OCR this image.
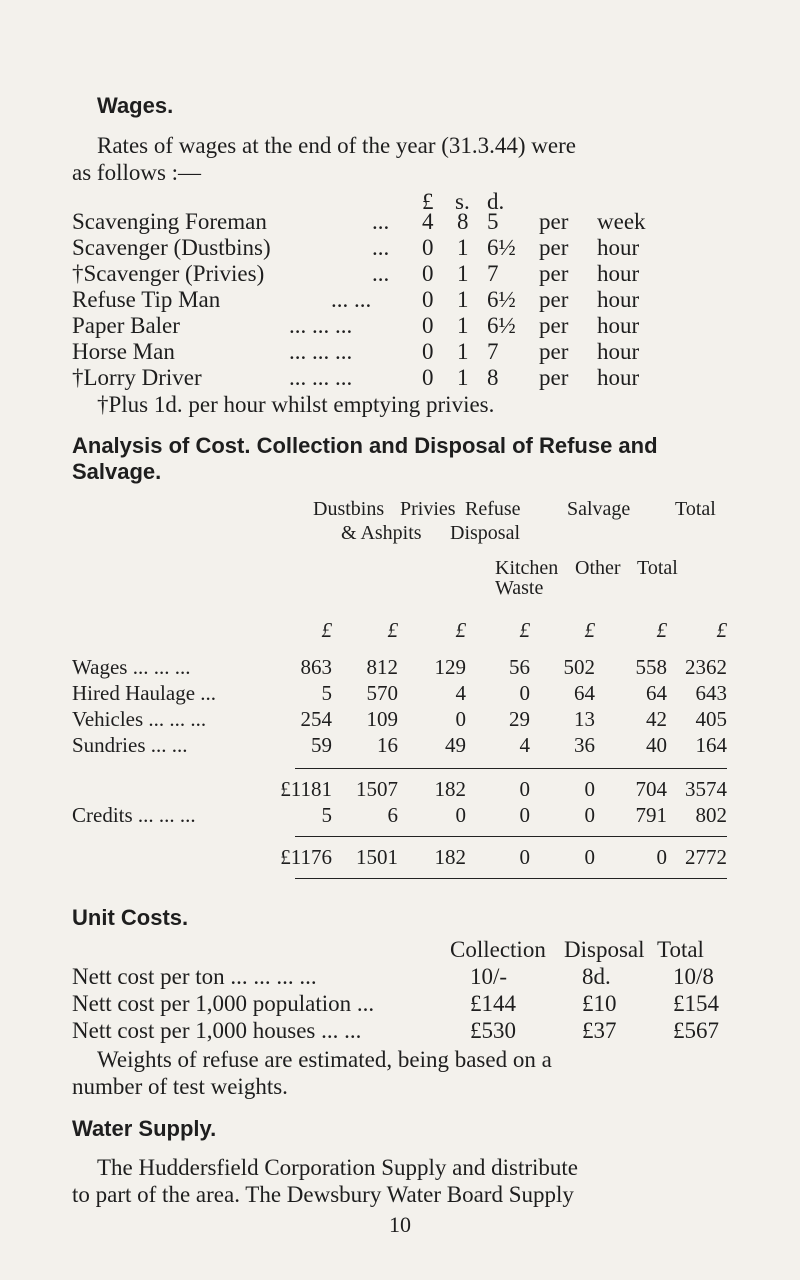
Wages.
Rates of wages at the end of the year (31.3.44) were
as follows :—
£ s. d.
Scavenging Foreman	... 4 8 5 per week
Scavenger (Dustbins)	... 0 1 6½ per hour
†Scavenger (Privies)	... 0 1 7 per hour
Refuse Tip Man	... ... 0 1 6½ per hour
Paper Baler	... ... ...	0 1 6½ per hour
Horse Man	... ... ...	0 1 7 per hour
†Lorry Driver	... ... ...	0 1 8 per hour
†Plus 1d. per hour whilst emptying privies.
Analysis of Cost. Collection and Disposal of Refuse and
Salvage.
Dustbins Privies Refuse Salvage Total
& Ashpits Disposal
Kitchen Other Total
Waste
£	£	£	£	£	£ £
Wages ... ... ...	863 812 129 56 502 558 2362
Hired Haulage ...	5 570	4	0 64 64 643
Vehicles ... ... ...	254 109	0 29 13 42 405
Sundries ... ...	59 16 49	4 36 40 164
£1181 1507 182	0	0 704 3574
Credits ... ... ...	5	6	0	0	0 791 802
£1176 1501 182	0	0	0 2772
Unit Costs.
Collection Disposal Total
Nett cost per ton ... ... ... ...	10/-	8d.	10/8
Nett cost per 1,000 population ...	£144	£10 £154
Nett cost per 1,000 houses ... ...	£530	£37 £567
Weights of refuse are estimated, being based on a
number of test weights.
Water Supply.
The Huddersfield Corporation Supply and distribute
to part of the area. The Dewsbury Water Board Supply
10
